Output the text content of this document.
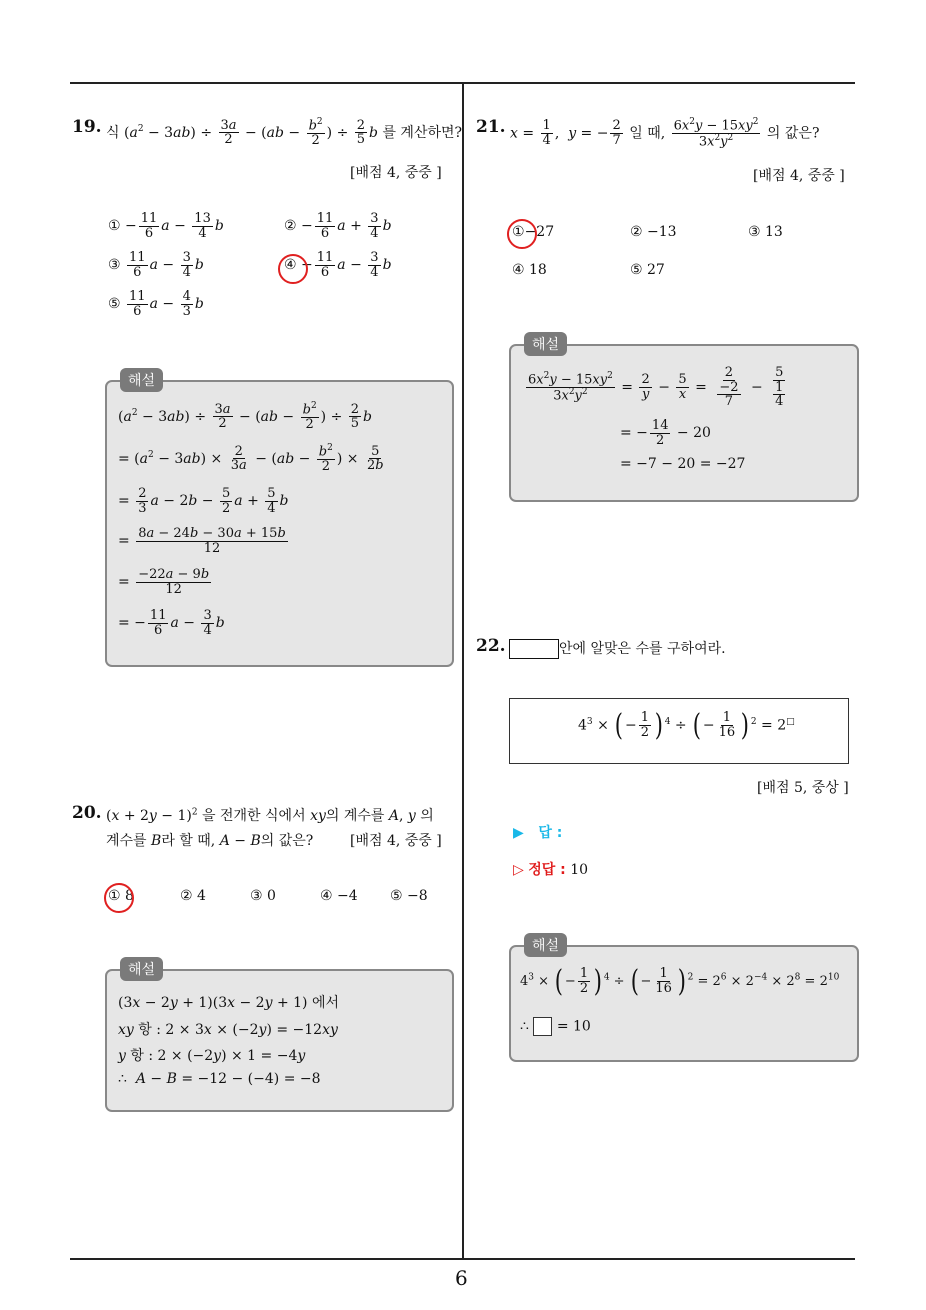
6
19. 식 $(a^2 - 3ab) \div \frac{3a}{2} - (ab - \frac{b^2}{2}$ ) ÷ $\frac{2}{5}$ b 를 계산하면?
[배점 4, 중중 ]
① − $\frac{11}{6}$ $a - \frac{13}{4}$ b	② − $\frac{11}{6}$ $a + \frac{3}{4}$ b
③ $\frac{11}{6}$ $a - \frac{3}{4}$ b	④ − $\frac{11}{6}$ $a - \frac{3}{4}$ b
⑤ $\frac{11}{6}$ $a - \frac{4}{3}$ b
해설
$(a^2 - 3ab) \div \frac{3a}{2} - (ab - \frac{b^2}{2}$ ) ÷ $\frac{2}{5}$ b
= $(a^2 - 3ab) \times \frac{2}{3a} - (ab - \frac{b^2}{2}$ ) × $\frac{5}{2b}$
= $\frac{2}{3}$ $a - 2b - \frac{5}{2}$ $a + \frac{5}{4}$ b
= $\frac{8a - 24b - 30a + 15b}{12}$
= $\frac{-22a - 9b}{12}$
= − $\frac{11}{6}$ $a - \frac{3}{4}$ b
20. $(x + 2y - 1)^2$ 을 전개한 식에서 xy의 계수를 A, y 의
계수를 B라 할 때, A − B의 값은?	[배점 4, 중중 ]
① 8	② 4	③ 0	④ −4 ⑤ −8
해설
(3x − 2y + 1)(3x − 2y + 1) 에서
xy 항 : 2 × 3x × (−2y) = −12xy
y 항 : 2 × (−2y) × 1 = −4y
∴  A − B = −12 − (−4) = −8
21. $x = \frac{1}{4}$ ,  y = − $\frac{2}{7}$ 일 때, $\frac{6x^2y - 15xy^2}{3x^2y^2}$ 의 값은?
[배점 4, 중중 ]
①−27	② −13	③ 13
④ 18	⑤ 27
해설
$\frac{6x^2y - 15xy^2}{3x^2y^2} = \frac{2}{y} - \frac{5}{x} = \frac{2}{\frac{-2}{7}} - \frac{5}{\frac{1}{4}}$
= − $\frac{14}{2} - 20$
= −7 − 20 = −27
22.	안에 알맞은 수를 구하여라.
$4^3$ × ( − $\frac{1}{2}$ ) $^4$ ÷ ( − $\frac{1}{16}$ ) $^2$ = 2□
[배점 5, 중상 ]
▶ 답 :
▷ 정답 : 10
해설
$4^3$ × ( − $\frac{1}{2}$ ) $^4$ ÷ ( − $\frac{1}{16}$ ) $^2 = 2^6 \times 2^{-4} \times 2^8 = 2^{10}$
∴  = 10
